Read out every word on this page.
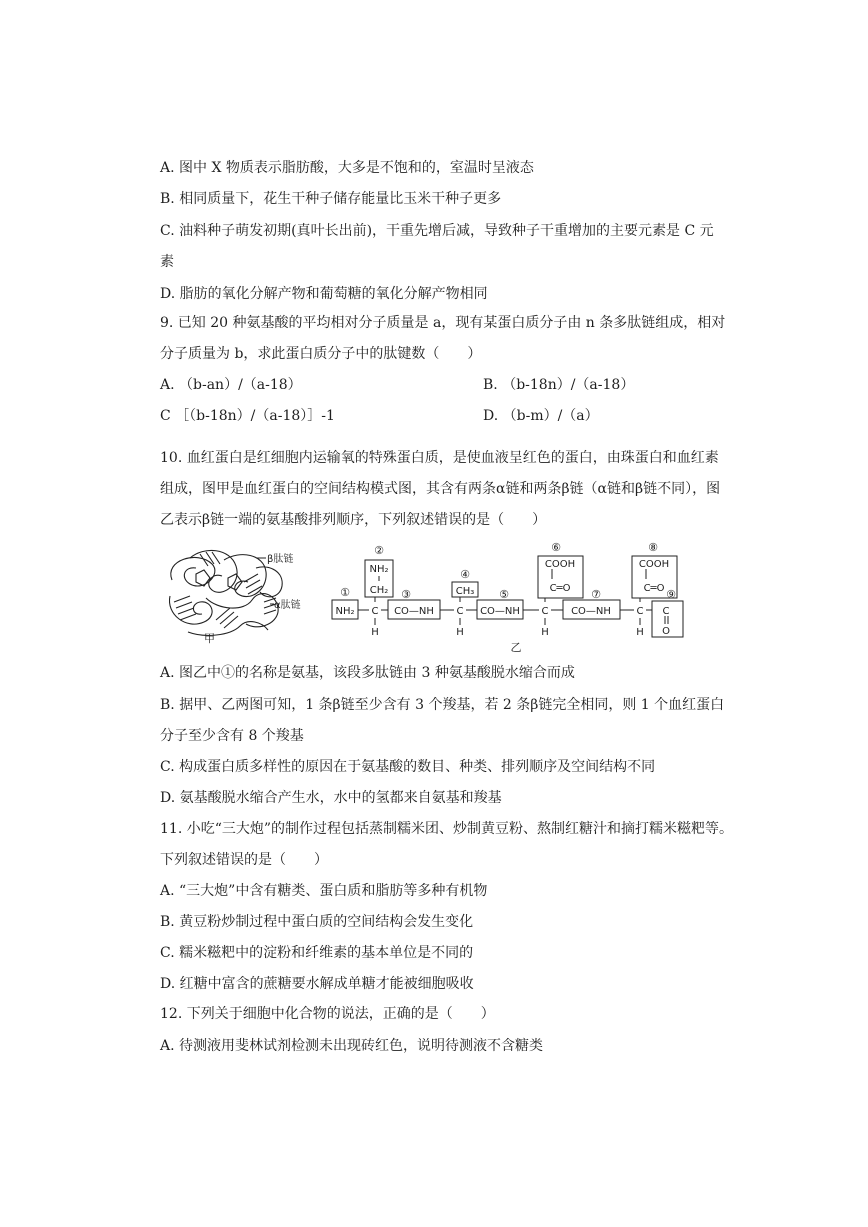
A. 图中 X 物质表示脂肪酸，大多是不饱和的，室温时呈液态
B. 相同质量下，花生干种子储存能量比玉米干种子更多
C. 油料种子萌发初期(真叶长出前)，干重先增后减，导致种子干重增加的主要元素是 C 元
素
D. 脂肪的氧化分解产物和葡萄糖的氧化分解产物相同
9. 已知 20 种氨基酸的平均相对分子质量是 a，现有某蛋白质分子由 n 条多肽链组成，相对
分子质量为 b，求此蛋白质分子中的肽键数（　　）
A. （b-an）/（a-18）	B. （b-18n）/（a-18）
C ［（b-18n）/（a-18）］-1	D. （b-m）/（a）
10. 血红蛋白是红细胞内运输氧的特殊蛋白质，是使血液呈红色的蛋白，由珠蛋白和血红素
组成，图甲是血红蛋白的空间结构模式图，其含有两条α链和两条β链（α链和β链不同），图
乙表示β链一端的氨基酸排列顺序，下列叙述错误的是（　　）
β肽链
α肽链
甲
①
②
③
④
⑤
⑥
⑦
⑧
⑨
NH₂
NH₂
CH₂	CH₃
COOH
C═O
COOH
C═O
CO—NH	CO—NH	CO—NH
C	C	C	C
H	H	H	H
C
O
乙
A. 图乙中①的名称是氨基，该段多肽链由 3 种氨基酸脱水缩合而成
B. 据甲、乙两图可知，1 条β链至少含有 3 个羧基，若 2 条β链完全相同，则 1 个血红蛋白
分子至少含有 8 个羧基
C. 构成蛋白质多样性的原因在于氨基酸的数目、种类、排列顺序及空间结构不同
D. 氨基酸脱水缩合产生水，水中的氢都来自氨基和羧基
11. 小吃“三大炮”的制作过程包括蒸制糯米团、炒制黄豆粉、熬制红糖汁和摘打糯米糍粑等。
下列叙述错误的是（　　）
A. “三大炮”中含有糖类、蛋白质和脂肪等多种有机物
B. 黄豆粉炒制过程中蛋白质的空间结构会发生变化
C. 糯米糍粑中的淀粉和纤维素的基本单位是不同的
D. 红糖中富含的蔗糖要水解成单糖才能被细胞吸收
12. 下列关于细胞中化合物的说法，正确的是（　　）
A. 待测液用斐林试剂检测未出现砖红色，说明待测液不含糖类
